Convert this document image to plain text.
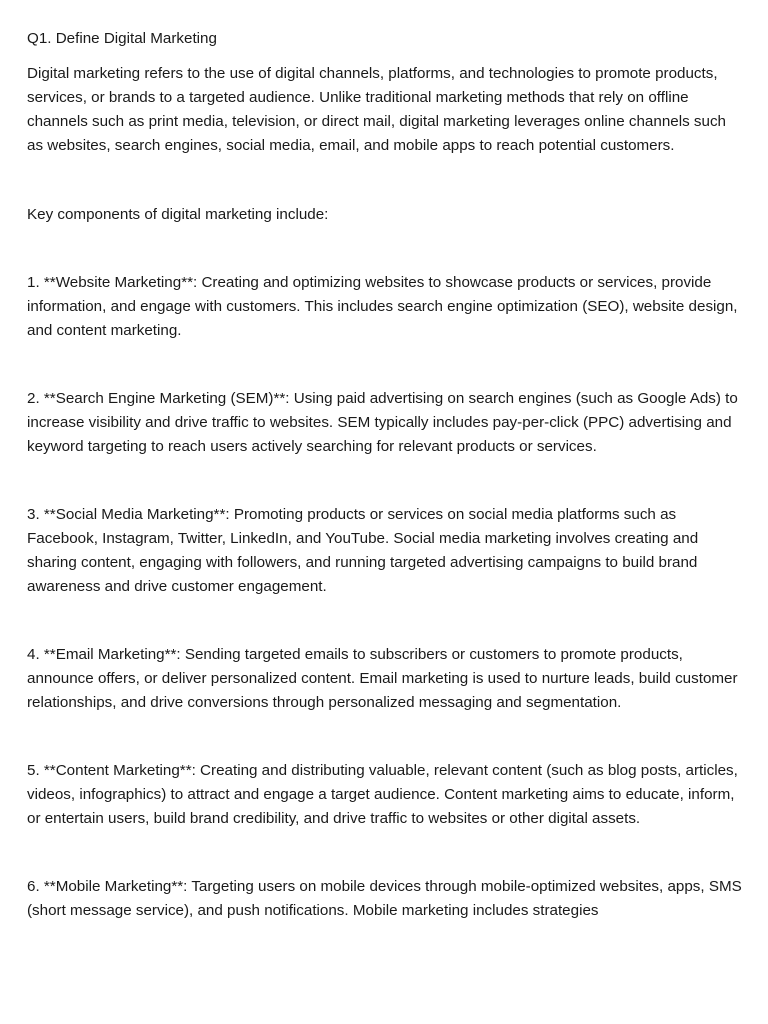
Q1. Define Digital Marketing

Digital marketing refers to the use of digital channels, platforms, and technologies to promote products, services, or brands to a targeted audience. Unlike traditional marketing methods that rely on offline channels such as print media, television, or direct mail, digital marketing leverages online channels such as websites, search engines, social media, email, and mobile apps to reach potential customers.

Key components of digital marketing include:

1. **Website Marketing**: Creating and optimizing websites to showcase products or services, provide information, and engage with customers. This includes search engine optimization (SEO), website design, and content marketing.

2. **Search Engine Marketing (SEM)**: Using paid advertising on search engines (such as Google Ads) to increase visibility and drive traffic to websites. SEM typically includes pay-per-click (PPC) advertising and keyword targeting to reach users actively searching for relevant products or services.

3. **Social Media Marketing**: Promoting products or services on social media platforms such as Facebook, Instagram, Twitter, LinkedIn, and YouTube. Social media marketing involves creating and sharing content, engaging with followers, and running targeted advertising campaigns to build brand awareness and drive customer engagement.

4. **Email Marketing**: Sending targeted emails to subscribers or customers to promote products, announce offers, or deliver personalized content. Email marketing is used to nurture leads, build customer relationships, and drive conversions through personalized messaging and segmentation.

5. **Content Marketing**: Creating and distributing valuable, relevant content (such as blog posts, articles, videos, infographics) to attract and engage a target audience. Content marketing aims to educate, inform, or entertain users, build brand credibility, and drive traffic to websites or other digital assets.

6. **Mobile Marketing**: Targeting users on mobile devices through mobile-optimized websites, apps, SMS (short message service), and push notifications. Mobile marketing includes strategies
